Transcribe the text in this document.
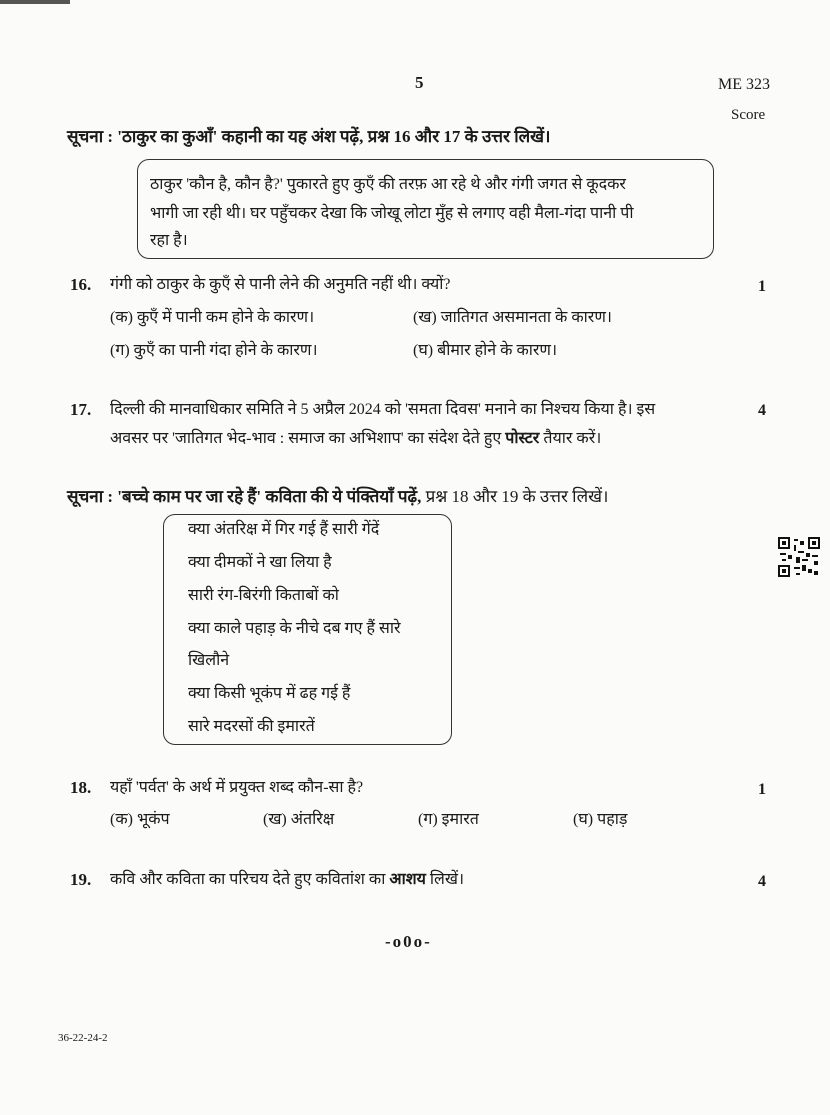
5	ME 323
Score
सूचना : 'ठाकुर का कुआँ' कहानी का यह अंश पढ़ें, प्रश्न 16 और 17 के उत्तर लिखें।
ठाकुर 'कौन है, कौन है?' पुकारते हुए कुएँ की तरफ़ आ रहे थे और गंगी जगत से कूदकर
भागी जा रही थी। घर पहुँचकर देखा कि जोखू लोटा मुँह से लगाए वही मैला-गंदा पानी पी
रहा है।
16. गंगी को ठाकुर के कुएँ से पानी लेने की अनुमति नहीं थी। क्यों?	1
(क) कुएँ में पानी कम होने के कारण।	(ख) जातिगत असमानता के कारण।
(ग) कुएँ का पानी गंदा होने के कारण।	(घ) बीमार होने के कारण।
17. दिल्ली की मानवाधिकार समिति ने 5 अप्रैल 2024 को 'समता दिवस' मनाने का निश्चय किया है। इस	4
अवसर पर 'जातिगत भेद-भाव : समाज का अभिशाप' का संदेश देते हुए पोस्टर तैयार करें।
सूचना : 'बच्चे काम पर जा रहे हैं' कविता की ये पंक्तियाँ पढ़ें, प्रश्न 18 और 19 के उत्तर लिखें।
क्या अंतरिक्ष में गिर गई हैं सारी गेंदें
क्या दीमकों ने खा लिया है
सारी रंग-बिरंगी किताबों को
क्या काले पहाड़ के नीचे दब गए हैं सारे
खिलौने
क्या किसी भूकंप में ढह गई हैं
सारे मदरसों की इमारतें
18. यहाँ 'पर्वत' के अर्थ में प्रयुक्त शब्द कौन-सा है?	1
(क) भूकंप	(ख) अंतरिक्ष	(ग) इमारत	(घ) पहाड़
19. कवि और कविता का परिचय देते हुए कवितांश का आशय लिखें।	4
-o0o-
36-22-24-2
